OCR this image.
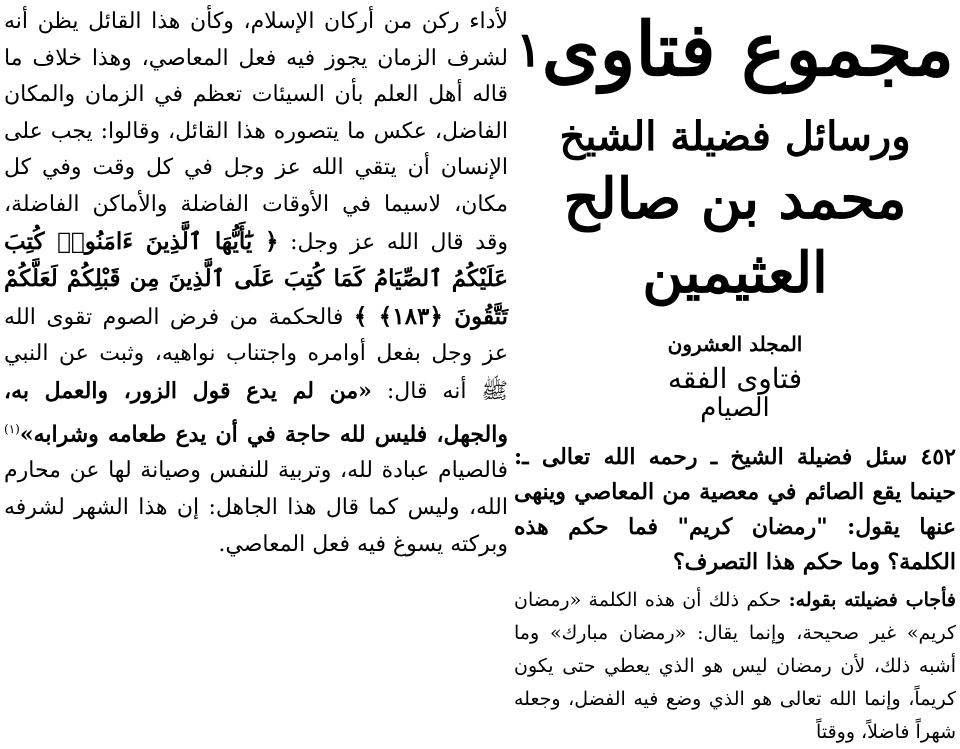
لأداء ركن من أركان الإسلام، وكأن هذا القائل يظن أنه لشرف الزمان يجوز فيه فعل المعاصي، وهذا خلاف ما قاله أهل العلم بأن السيئات تعظم في الزمان والمكان الفاضل، عكس ما يتصوره هذا القائل، وقالوا: يجب على الإنسان أن يتقي الله عز وجل في كل وقت وفي كل مكان، لاسيما في الأوقات الفاضلة والأماكن الفاضلة، وقد قال الله عز وجل: ﴿ يَٰٓأَيُّهَا ٱلَّذِينَ ءَامَنُوا۟ كُتِبَ عَلَيْكُمُ ٱلصِّيَامُ كَمَا كُتِبَ عَلَى ٱلَّذِينَ مِن قَبْلِكُمْ لَعَلَّكُمْ تَتَّقُونَ ﴿١٨٣﴾ ﴾ فالحكمة من فرض الصوم تقوى الله عز وجل بفعل أوامره واجتناب نواهيه، وثبت عن النبي ﷺ أنه قال: «من لم يدع قول الزور، والعمل به، والجهل، فليس لله حاجة في أن يدع طعامه وشرابه»$^{(١)}$ فالصيام عبادة لله، وتربية للنفس وصيانة لها عن محارم الله، وليس كما قال هذا الجاهل: إن هذا الشهر لشرفه وبركته يسوغ فيه فعل المعاصي.

مجموع فتاوى$^١$
ورسائل فضيلة الشيخ
محمد بن صالح العثيمين
المجلد العشرون
فتاوى الفقه
الصيام

٤٥٢ سئل فضيلة الشيخ ـ رحمه الله تعالى ـ: حينما يقع الصائم في معصية من المعاصي وينهى عنها يقول: "رمضان كريم" فما حكم هذه الكلمة؟ وما حكم هذا التصرف؟

فأجاب فضيلته بقوله: حكم ذلك أن هذه الكلمة «رمضان كريم» غير صحيحة، وإنما يقال: «رمضان مبارك» وما أشبه ذلك، لأن رمضان ليس هو الذي يعطي حتى يكون كريماً، وإنما الله تعالى هو الذي وضع فيه الفضل، وجعله شهراً فاضلاً، ووقتاً
